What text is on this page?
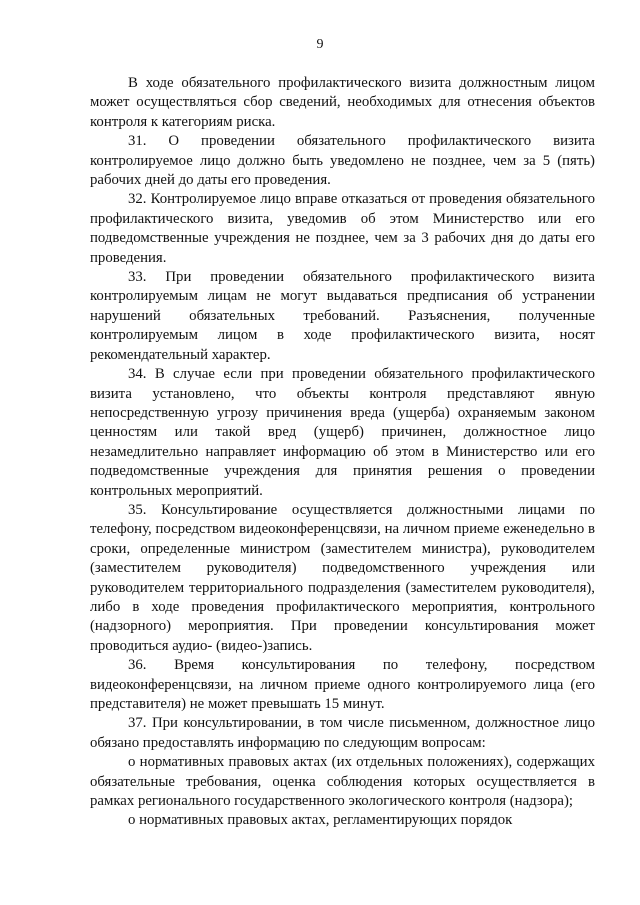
9

В ходе обязательного профилактического визита должностным лицом может осуществляться сбор сведений, необходимых для отнесения объектов контроля к категориям риска.

31. О проведении обязательного профилактического визита контролируемое лицо должно быть уведомлено не позднее, чем за 5 (пять) рабочих дней до даты его проведения.

32. Контролируемое лицо вправе отказаться от проведения обязательного профилактического визита, уведомив об этом Министерство или его подведомственные учреждения не позднее, чем за 3 рабочих дня до даты его проведения.

33. При проведении обязательного профилактического визита контролируемым лицам не могут выдаваться предписания об устранении нарушений обязательных требований. Разъяснения, полученные контролируемым лицом в ходе профилактического визита, носят рекомендательный характер.

34. В случае если при проведении обязательного профилактического визита установлено, что объекты контроля представляют явную непосредственную угрозу причинения вреда (ущерба) охраняемым законом ценностям или такой вред (ущерб) причинен, должностное лицо незамедлительно направляет информацию об этом в Министерство или его подведомственные учреждения для принятия решения о проведении контрольных мероприятий.

35. Консультирование осуществляется должностными лицами по телефону, посредством видеоконференцсвязи, на личном приеме еженедельно в сроки, определенные министром (заместителем министра), руководителем (заместителем руководителя) подведомственного учреждения или руководителем территориального подразделения (заместителем руководителя), либо в ходе проведения профилактического мероприятия, контрольного (надзорного) мероприятия. При проведении консультирования может проводиться аудио- (видео-)запись.

36. Время консультирования по телефону, посредством видеоконференцсвязи, на личном приеме одного контролируемого лица (его представителя) не может превышать 15 минут.

37. При консультировании, в том числе письменном, должностное лицо обязано предоставлять информацию по следующим вопросам:

о нормативных правовых актах (их отдельных положениях), содержащих обязательные требования, оценка соблюдения которых осуществляется в рамках регионального государственного экологического контроля (надзора);

о нормативных правовых актах, регламентирующих порядок
